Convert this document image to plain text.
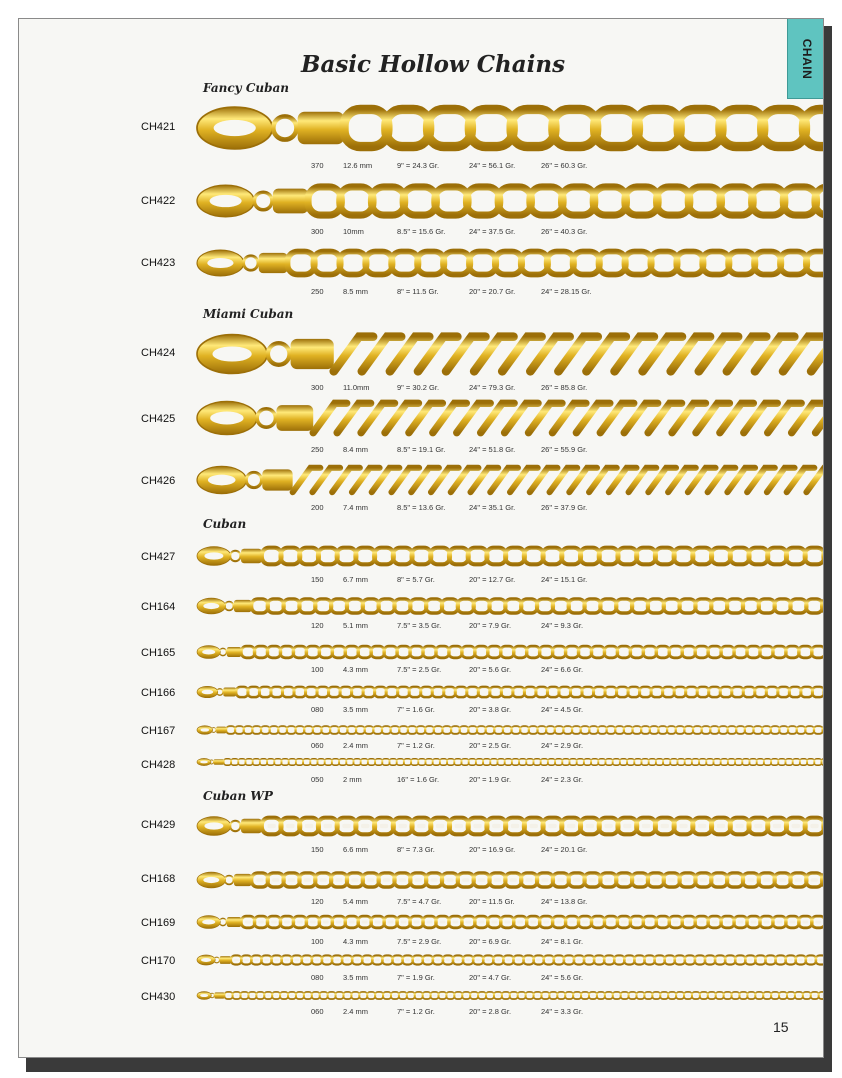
CHAIN
Basic Hollow Chains
Fancy Cuban
Miami Cuban
Cuban
Cuban WP
CH421
370	12.6 mm	9" = 24.3 Gr.	24" = 56.1 Gr.	26" = 60.3 Gr.
CH422
300	10mm	8.5" = 15.6 Gr.	24" = 37.5 Gr.	26" = 40.3 Gr.
CH423
250	8.5 mm	8" = 11.5 Gr.	20" = 20.7 Gr.	24" = 28.15 Gr.
CH424
300	11.0mm	9" = 30.2 Gr.	24" = 79.3 Gr.	26" = 85.8 Gr.
CH425
250	8.4 mm	8.5" = 19.1 Gr.	24" = 51.8 Gr.	26" = 55.9 Gr.
CH426
200	7.4 mm	8.5" = 13.6 Gr.	24" = 35.1 Gr.	26" = 37.9 Gr.
CH427
150	6.7 mm	8" = 5.7 Gr.	20" = 12.7 Gr.	24" = 15.1 Gr.
CH164
120	5.1 mm	7.5" = 3.5 Gr.	20" = 7.9 Gr.	24" = 9.3 Gr.
CH165
100	4.3 mm	7.5" = 2.5 Gr.	20" = 5.6 Gr.	24" = 6.6 Gr.
CH166
080	3.5 mm	7" = 1.6 Gr.	20" = 3.8 Gr.	24" = 4.5 Gr.
CH167
060	2.4 mm	7" = 1.2 Gr.	20" = 2.5 Gr.	24" = 2.9 Gr.
CH428
050	2 mm	16" = 1.6 Gr.	20" = 1.9 Gr.	24" = 2.3 Gr.
CH429
150	6.6 mm	8" = 7.3 Gr.	20" = 16.9 Gr.	24" = 20.1 Gr.
CH168
120	5.4 mm	7.5" = 4.7 Gr.	20" = 11.5 Gr.	24" = 13.8 Gr.
CH169
100	4.3 mm	7.5" = 2.9 Gr.	20" = 6.9 Gr.	24" = 8.1 Gr.
CH170
080	3.5 mm	7" = 1.9 Gr.	20" = 4.7 Gr.	24" = 5.6 Gr.
CH430
060	2.4 mm	7" = 1.2 Gr.	20" = 2.8 Gr.	24" = 3.3 Gr.
15
